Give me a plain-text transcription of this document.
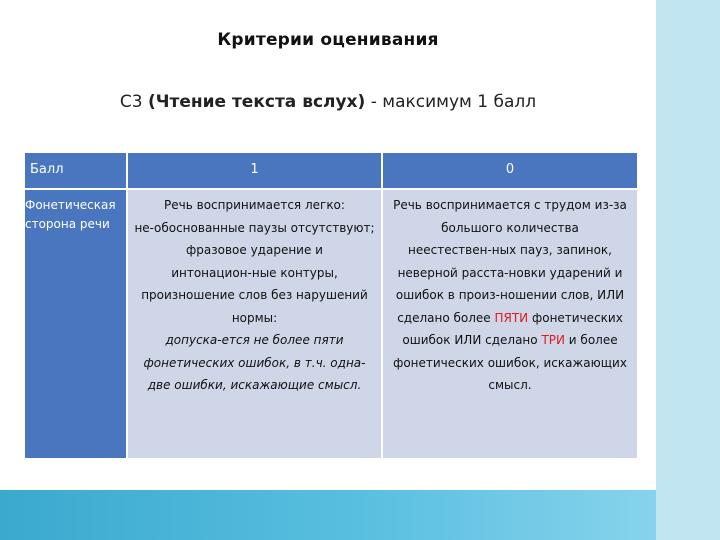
Критерии оценивания
С3 (Чтение текста вслух) - максимум 1 балл
Балл	1	0
Фонетическая
сторона речи
Речь воспринимается легко:
не-обоснованные паузы отсутствуют;
фразовое ударение и
интонацион-ные контуры,
произношение слов без нарушений
нормы:
допуска-ется не более пяти
фонетических ошибок, в т.ч. одна-
две ошибки, искажающие смысл.
Речь воспринимается с трудом из-за
большого количества
неестествен-ных пауз, запинок,
неверной расста-новки ударений и
ошибок в произ-ношении слов, ИЛИ
сделано более ПЯТИ фонетических
ошибок ИЛИ сделано ТРИ и более
фонетических ошибок, искажающих
смысл.
